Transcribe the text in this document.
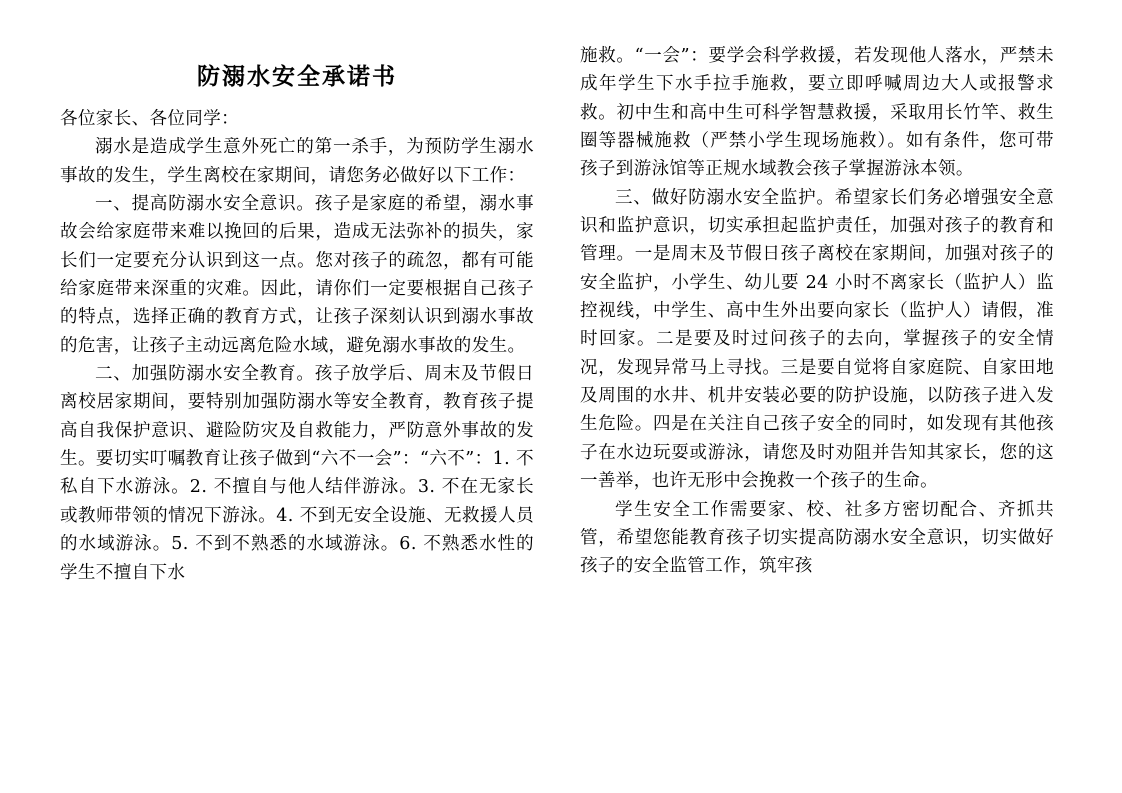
防溺水安全承诺书

各位家长、各位同学：

溺水是造成学生意外死亡的第一杀手，为预防学生溺水事故的发生，学生离校在家期间，请您务必做好以下工作：

一、提高防溺水安全意识。孩子是家庭的希望，溺水事故会给家庭带来难以挽回的后果，造成无法弥补的损失，家长们一定要充分认识到这一点。您对孩子的疏忽，都有可能给家庭带来深重的灾难。因此，请你们一定要根据自己孩子的特点，选择正确的教育方式，让孩子深刻认识到溺水事故的危害，让孩子主动远离危险水域，避免溺水事故的发生。

二、加强防溺水安全教育。孩子放学后、周末及节假日离校居家期间，要特别加强防溺水等安全教育，教育孩子提高自我保护意识、避险防灾及自救能力，严防意外事故的发生。要切实叮嘱教育让孩子做到“六不一会”：“六不”：1. 不私自下水游泳。2. 不擅自与他人结伴游泳。3. 不在无家长或教师带领的情况下游泳。4. 不到无安全设施、无救援人员的水域游泳。5. 不到不熟悉的水域游泳。6. 不熟悉水性的学生不擅自下水

施救。“一会”：要学会科学救援，若发现他人落水，严禁未成年学生下水手拉手施救，要立即呼喊周边大人或报警求救。初中生和高中生可科学智慧救援，采取用长竹竿、救生圈等器械施救（严禁小学生现场施救）。如有条件，您可带孩子到游泳馆等正规水域教会孩子掌握游泳本领。

三、做好防溺水安全监护。希望家长们务必增强安全意识和监护意识，切实承担起监护责任，加强对孩子的教育和管理。一是周末及节假日孩子离校在家期间，加强对孩子的安全监护，小学生、幼儿要 24 小时不离家长（监护人）监控视线，中学生、高中生外出要向家长（监护人）请假，准时回家。二是要及时过问孩子的去向，掌握孩子的安全情况，发现异常马上寻找。三是要自觉将自家庭院、自家田地及周围的水井、机井安装必要的防护设施，以防孩子进入发生危险。四是在关注自己孩子安全的同时，如发现有其他孩子在水边玩耍或游泳，请您及时劝阻并告知其家长，您的这一善举，也许无形中会挽救一个孩子的生命。

学生安全工作需要家、校、社多方密切配合、齐抓共管，希望您能教育孩子切实提高防溺水安全意识，切实做好孩子的安全监管工作，筑牢孩
